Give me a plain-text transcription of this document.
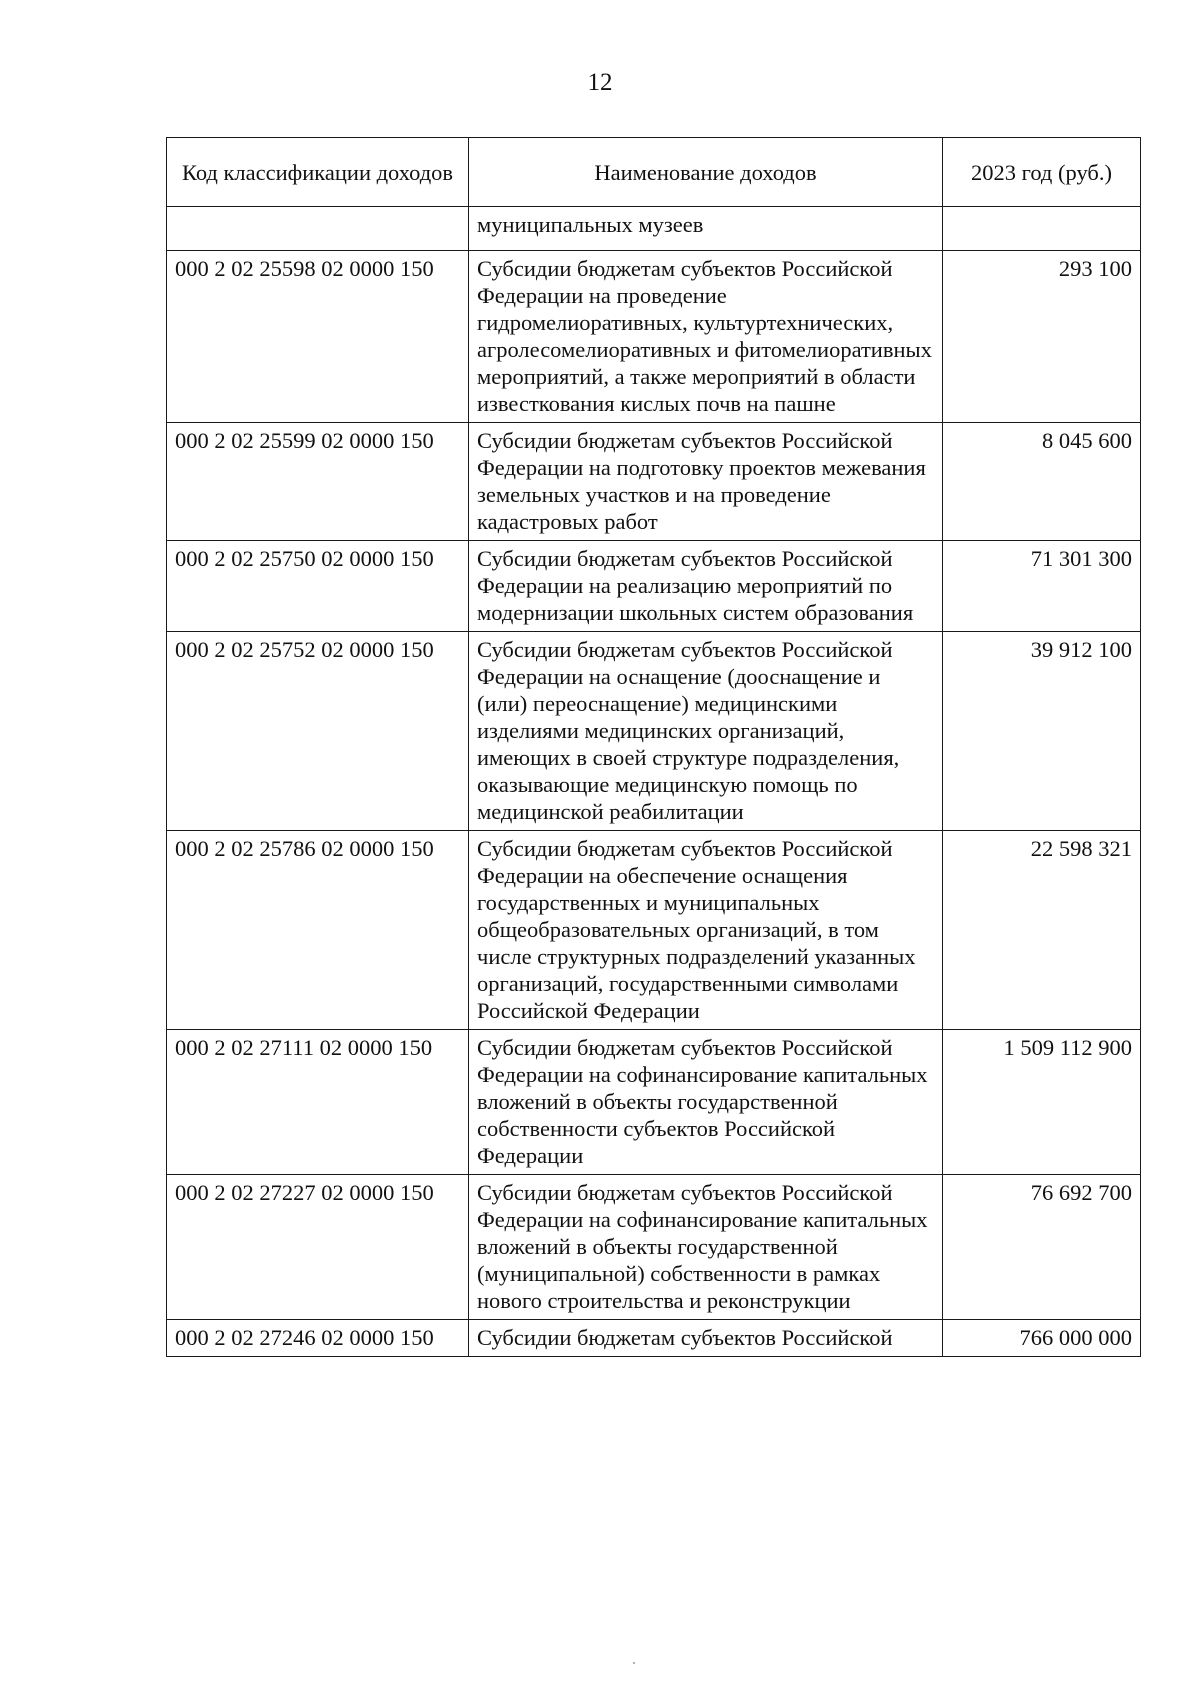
12
Код классификации доходов	Наименование доходов	2023 год (руб.)
	муниципальных музеев	
000 2 02 25598 02 0000 150	Субсидии бюджетам субъектов Российской Федерации на проведение гидромелиоративных, культуртехнических, агролесомелиоративных и фитомелиоративных мероприятий, а также мероприятий в области известкования кислых почв на пашне	293 100
000 2 02 25599 02 0000 150	Субсидии бюджетам субъектов Российской Федерации на подготовку проектов межевания земельных участков и на проведение кадастровых работ	8 045 600
000 2 02 25750 02 0000 150	Субсидии бюджетам субъектов Российской Федерации на реализацию мероприятий по модернизации школьных систем образования	71 301 300
000 2 02 25752 02 0000 150	Субсидии бюджетам субъектов Российской Федерации на оснащение (дооснащение и (или) переоснащение) медицинскими изделиями медицинских организаций, имеющих в своей структуре подразделения, оказывающие медицинскую помощь по медицинской реабилитации	39 912 100
000 2 02 25786 02 0000 150	Субсидии бюджетам субъектов Российской Федерации на обеспечение оснащения государственных и муниципальных общеобразовательных организаций, в том числе структурных подразделений указанных организаций, государственными символами Российской Федерации	22 598 321
000 2 02 27111 02 0000 150	Субсидии бюджетам субъектов Российской Федерации на софинансирование капитальных вложений в объекты государственной собственности субъектов Российской Федерации	1 509 112 900
000 2 02 27227 02 0000 150	Субсидии бюджетам субъектов Российской Федерации на софинансирование капитальных вложений в объекты государственной (муниципальной) собственности в рамках нового строительства и реконструкции	76 692 700
000 2 02 27246 02 0000 150	Субсидии бюджетам субъектов Российской	766 000 000
